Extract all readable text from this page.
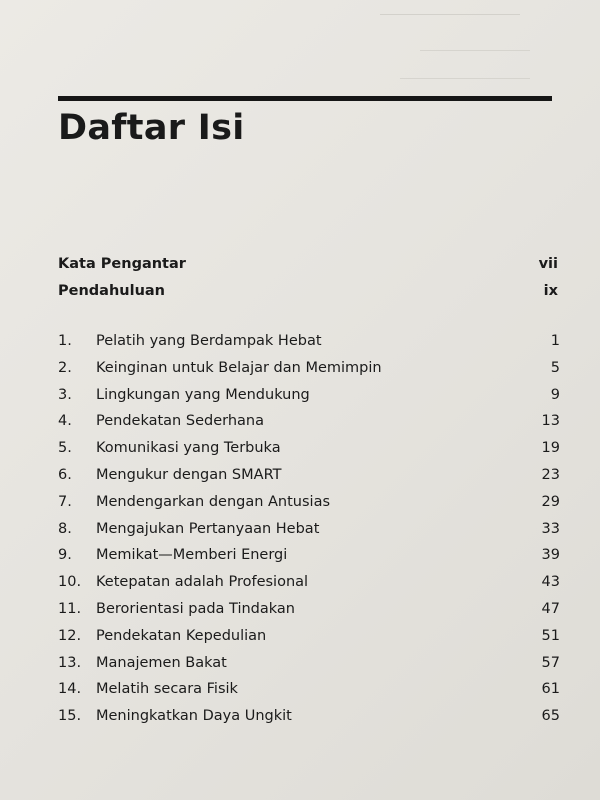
Daftar Isi
Kata Pengantar	vii
Pendahuluan	ix
1. Pelatih yang Berdampak Hebat	1
2. Keinginan untuk Belajar dan Memimpin	5
3. Lingkungan yang Mendukung	9
4. Pendekatan Sederhana	13
5. Komunikasi yang Terbuka	19
6. Mengukur dengan SMART	23
7. Mendengarkan dengan Antusias	29
8. Mengajukan Pertanyaan Hebat	33
9. Memikat—Memberi Energi	39
10. Ketepatan adalah Profesional	43
11. Berorientasi pada Tindakan	47
12. Pendekatan Kepedulian	51
13. Manajemen Bakat	57
14. Melatih secara Fisik	61
15. Meningkatkan Daya Ungkit	65
